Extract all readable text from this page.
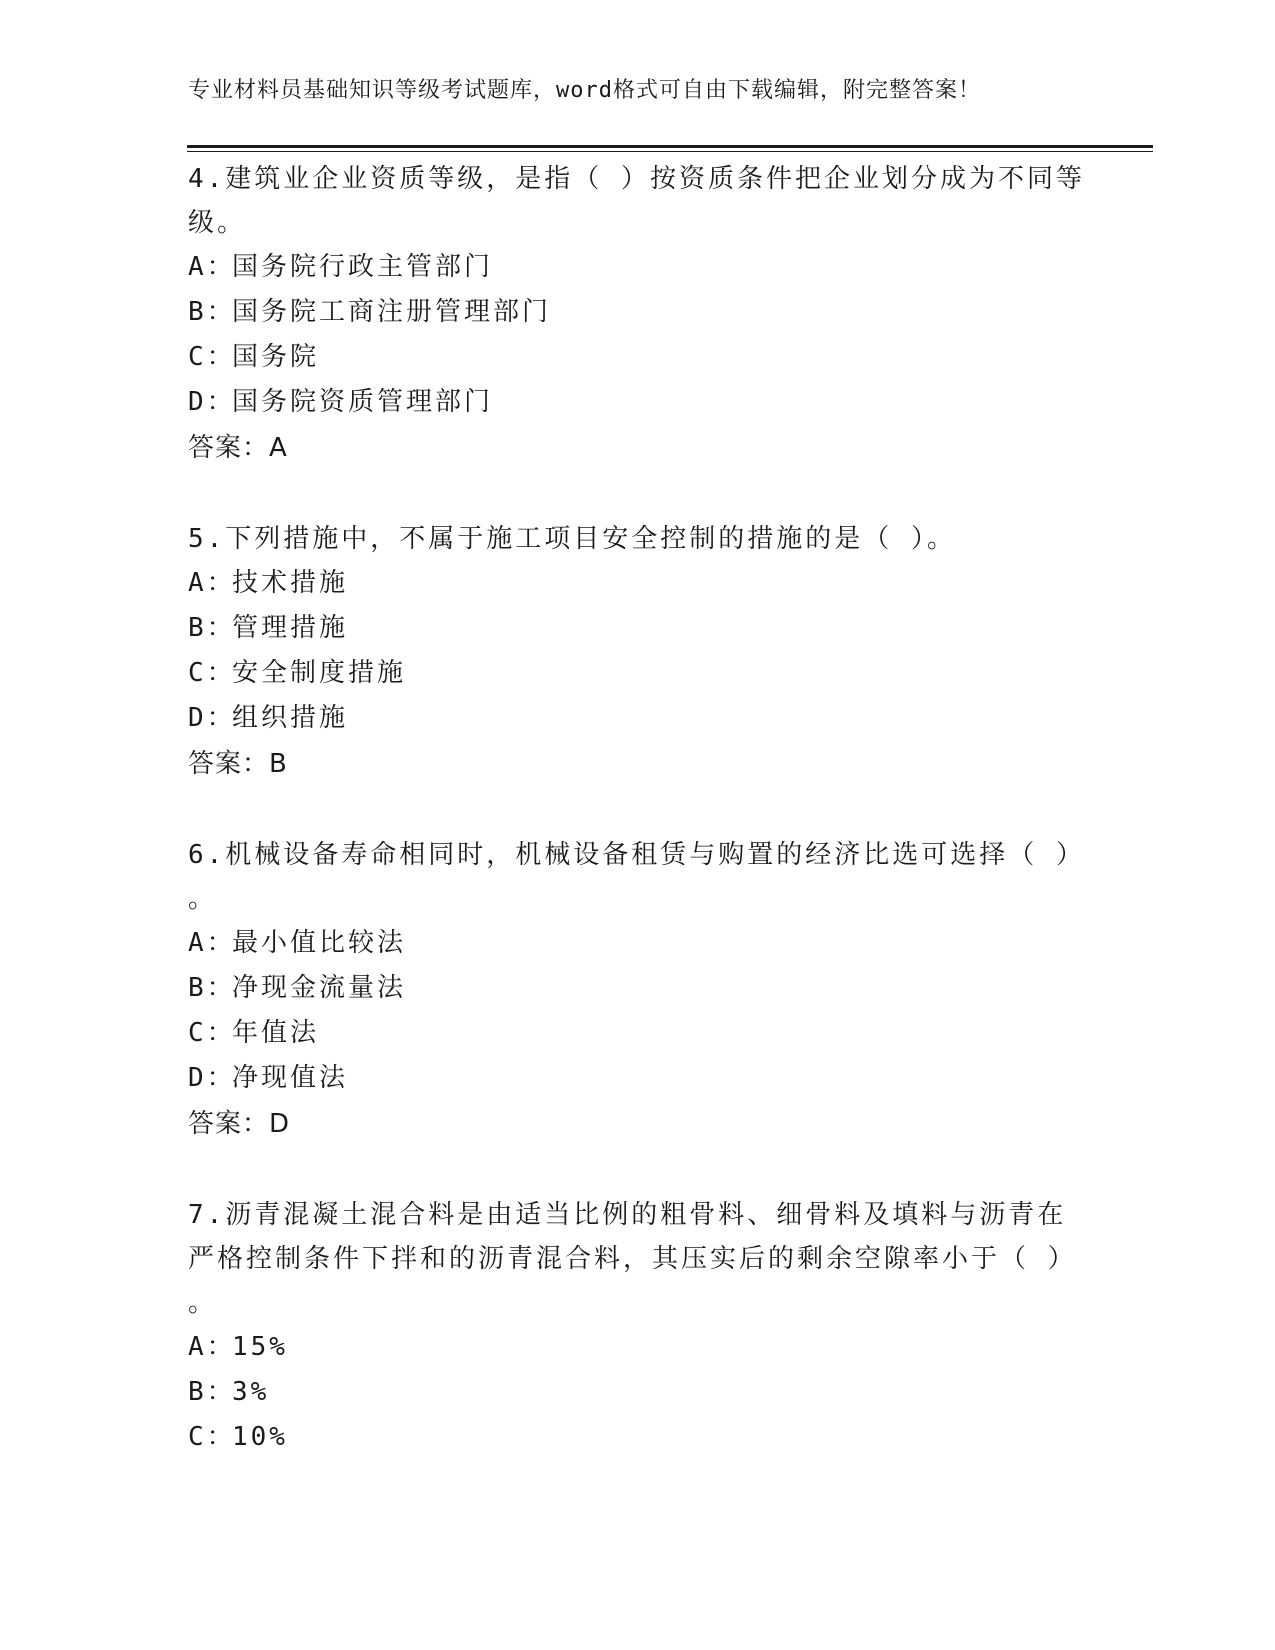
专业材料员基础知识等级考试题库，word格式可自由下载编辑，附完整答案！
4.建筑业企业资质等级，是指（ ）按资质条件把企业划分成为不同等
级。
A：国务院行政主管部门
B：国务院工商注册管理部门
C：国务院
D：国务院资质管理部门
答案：A
5.下列措施中，不属于施工项目安全控制的措施的是（ ）。
A：技术措施
B：管理措施
C：安全制度措施
D：组织措施
答案：B
6.机械设备寿命相同时，机械设备租赁与购置的经济比选可选择（ ）
。
A：最小值比较法
B：净现金流量法
C：年值法
D：净现值法
答案：D
7.沥青混凝土混合料是由适当比例的粗骨料、细骨料及填料与沥青在
严格控制条件下拌和的沥青混合料，其压实后的剩余空隙率小于（ ）
。
A：15%
B：3%
C：10%
